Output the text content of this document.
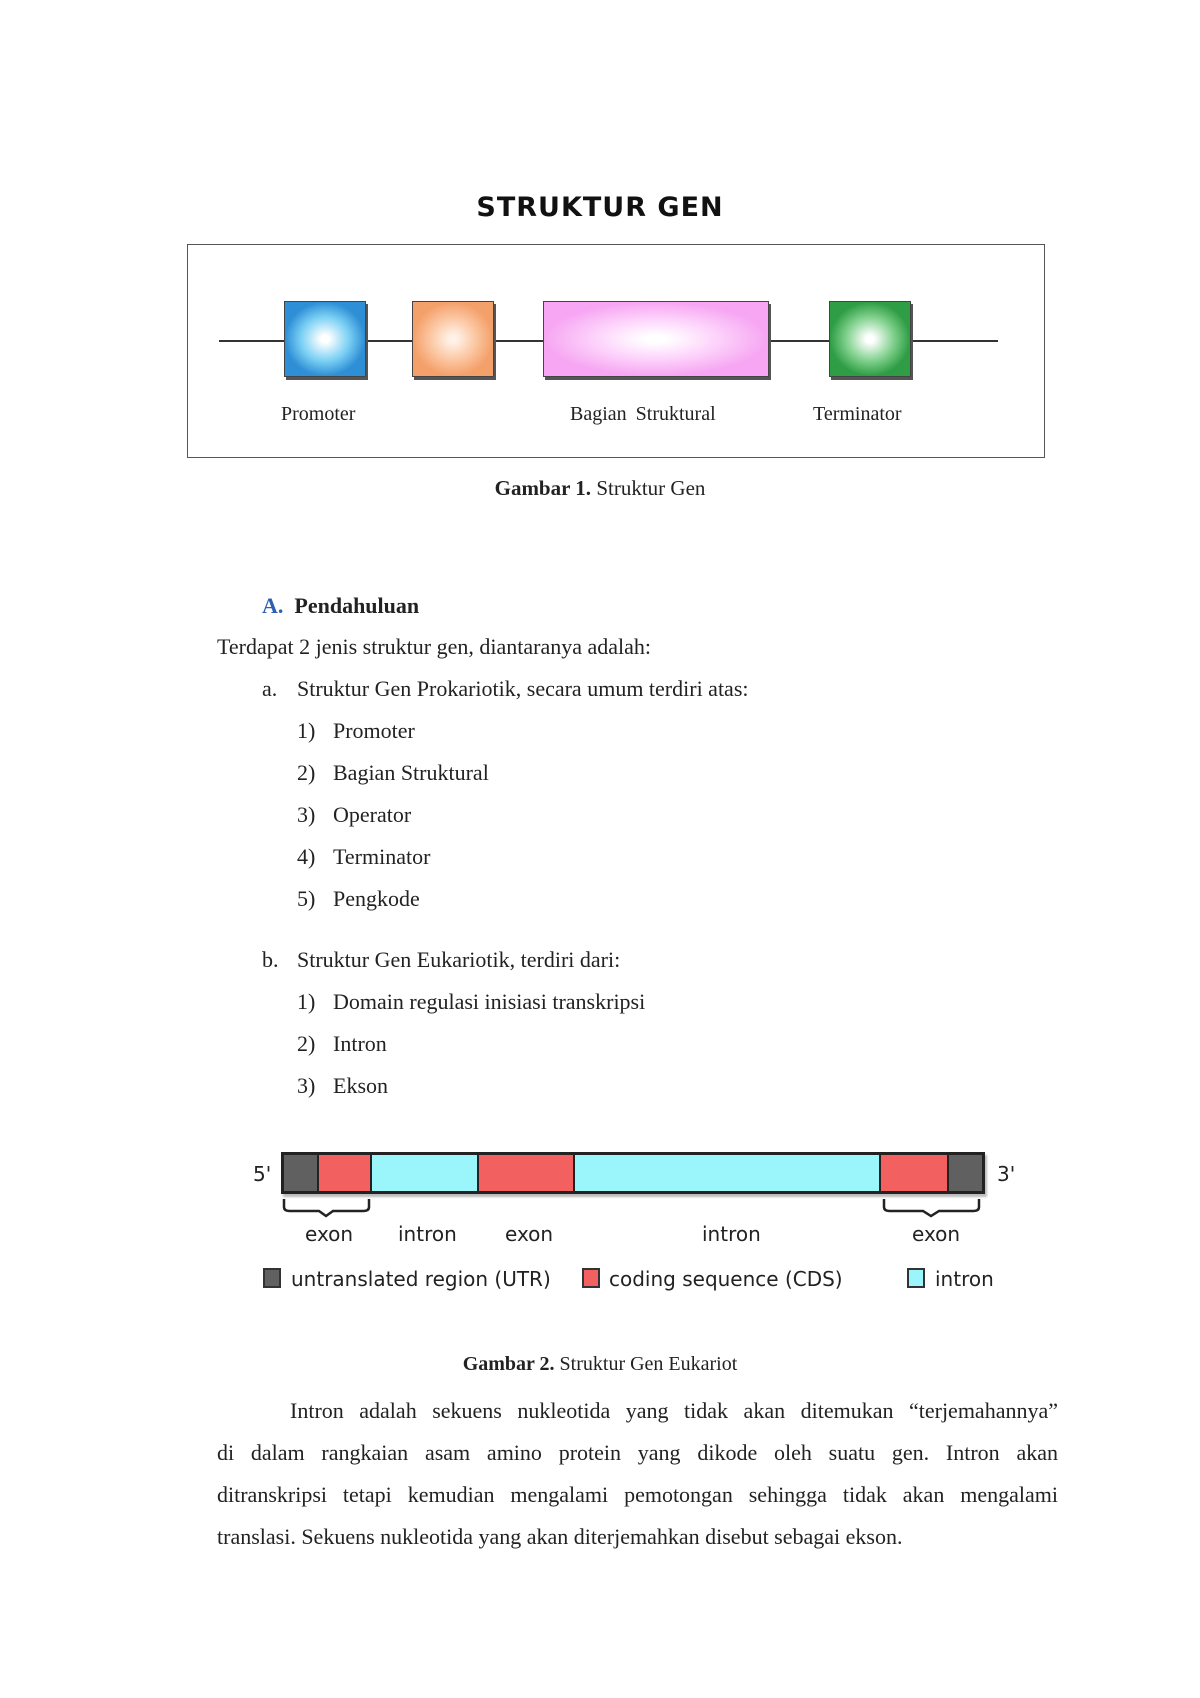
STRUKTUR GEN
Promoter	Bagian Struktural	Terminator
Gambar 1. Struktur Gen
A. Pendahuluan
Terdapat 2 jenis struktur gen, diantaranya adalah:
a. Struktur Gen Prokariotik, secara umum terdiri atas:
1) Promoter
2) Bagian Struktural
3) Operator
4) Terminator
5) Pengkode
b. Struktur Gen Eukariotik, terdiri dari:
1) Domain regulasi inisiasi transkripsi
2) Intron
3) Ekson
5'	3'
exon intron exon	intron	exon
untranslated region (UTR)	coding sequence (CDS)	intron
Gambar 2. Struktur Gen Eukariot
Intron adalah sekuens nukleotida yang tidak akan ditemukan “terjemahannya”
di dalam rangkaian asam amino protein yang dikode oleh suatu gen. Intron akan
ditranskripsi tetapi kemudian mengalami pemotongan sehingga tidak akan mengalami
translasi. Sekuens nukleotida yang akan diterjemahkan disebut sebagai ekson.
